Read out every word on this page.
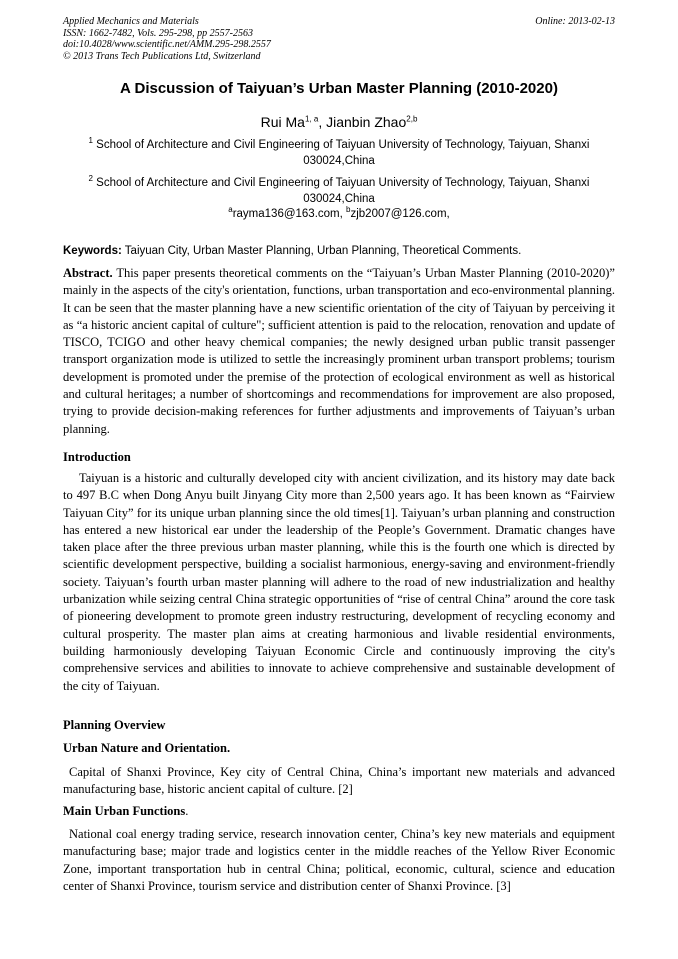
Applied Mechanics and Materials
ISSN: 1662-7482, Vols. 295-298, pp 2557-2563
doi:10.4028/www.scientific.net/AMM.295-298.2557
© 2013 Trans Tech Publications Ltd, Switzerland
Online: 2013-02-13
A Discussion of Taiyuan’s Urban Master Planning (2010-2020)
Rui Ma$^{1, a}$, Jianbin Zhao$^{2,b}$
$^1$ School of Architecture and Civil Engineering of Taiyuan University of Technology, Taiyuan, Shanxi 030024,China
$^2$ School of Architecture and Civil Engineering of Taiyuan University of Technology, Taiyuan, Shanxi 030024,China
$^a$rayma136@163.com, $^b$zjb2007@126.com,
Keywords: Taiyuan City, Urban Master Planning, Urban Planning, Theoretical Comments.
Abstract. This paper presents theoretical comments on the “Taiyuan’s Urban Master Planning (2010-2020)” mainly in the aspects of the city's orientation, functions, urban transportation and eco-environmental planning. It can be seen that the master planning have a new scientific orientation of the city of Taiyuan by perceiving it as “a historic ancient capital of culture"; sufficient attention is paid to the relocation, renovation and update of TISCO, TCIGO and other heavy chemical companies; the newly designed urban public transit passenger transport organization mode is utilized to settle the increasingly prominent urban transport problems; tourism development is promoted under the premise of the protection of ecological environment as well as historical and cultural heritages; a number of shortcomings and recommendations for improvement are also proposed, trying to provide decision-making references for further adjustments and improvements of Taiyuan’s urban planning.
Introduction
Taiyuan is a historic and culturally developed city with ancient civilization, and its history may date back to 497 B.C when Dong Anyu built Jinyang City more than 2,500 years ago. It has been known as “Fairview Taiyuan City” for its unique urban planning since the old times[1]. Taiyuan’s urban planning and construction has entered a new historical ear under the leadership of the People’s Government. Dramatic changes have taken place after the three previous urban master planning, while this is the fourth one which is directed by scientific development perspective, building a socialist harmonious, energy-saving and environment-friendly society. Taiyuan’s fourth urban master planning will adhere to the road of new industrialization and healthy urbanization while seizing central China strategic opportunities of “rise of central China” around the core task of pioneering development to promote green industry restructuring, development of recycling economy and cultural prosperity. The master plan aims at creating harmonious and livable residential environments, building harmoniously developing Taiyuan Economic Circle and continuously improving the city's comprehensive services and abilities to innovate to achieve comprehensive and sustainable development of the city of Taiyuan.
Planning Overview
Urban Nature and Orientation.
Capital of Shanxi Province, Key city of Central China, China’s important new materials and advanced manufacturing base, historic ancient capital of culture. [2]
Main Urban Functions.
National coal energy trading service, research innovation center, China’s key new materials and equipment manufacturing base; major trade and logistics center in the middle reaches of the Yellow River Economic Zone, important transportation hub in central China; political, economic, cultural, science and education center of Shanxi Province, tourism service and distribution center of Shanxi Province. [3]
